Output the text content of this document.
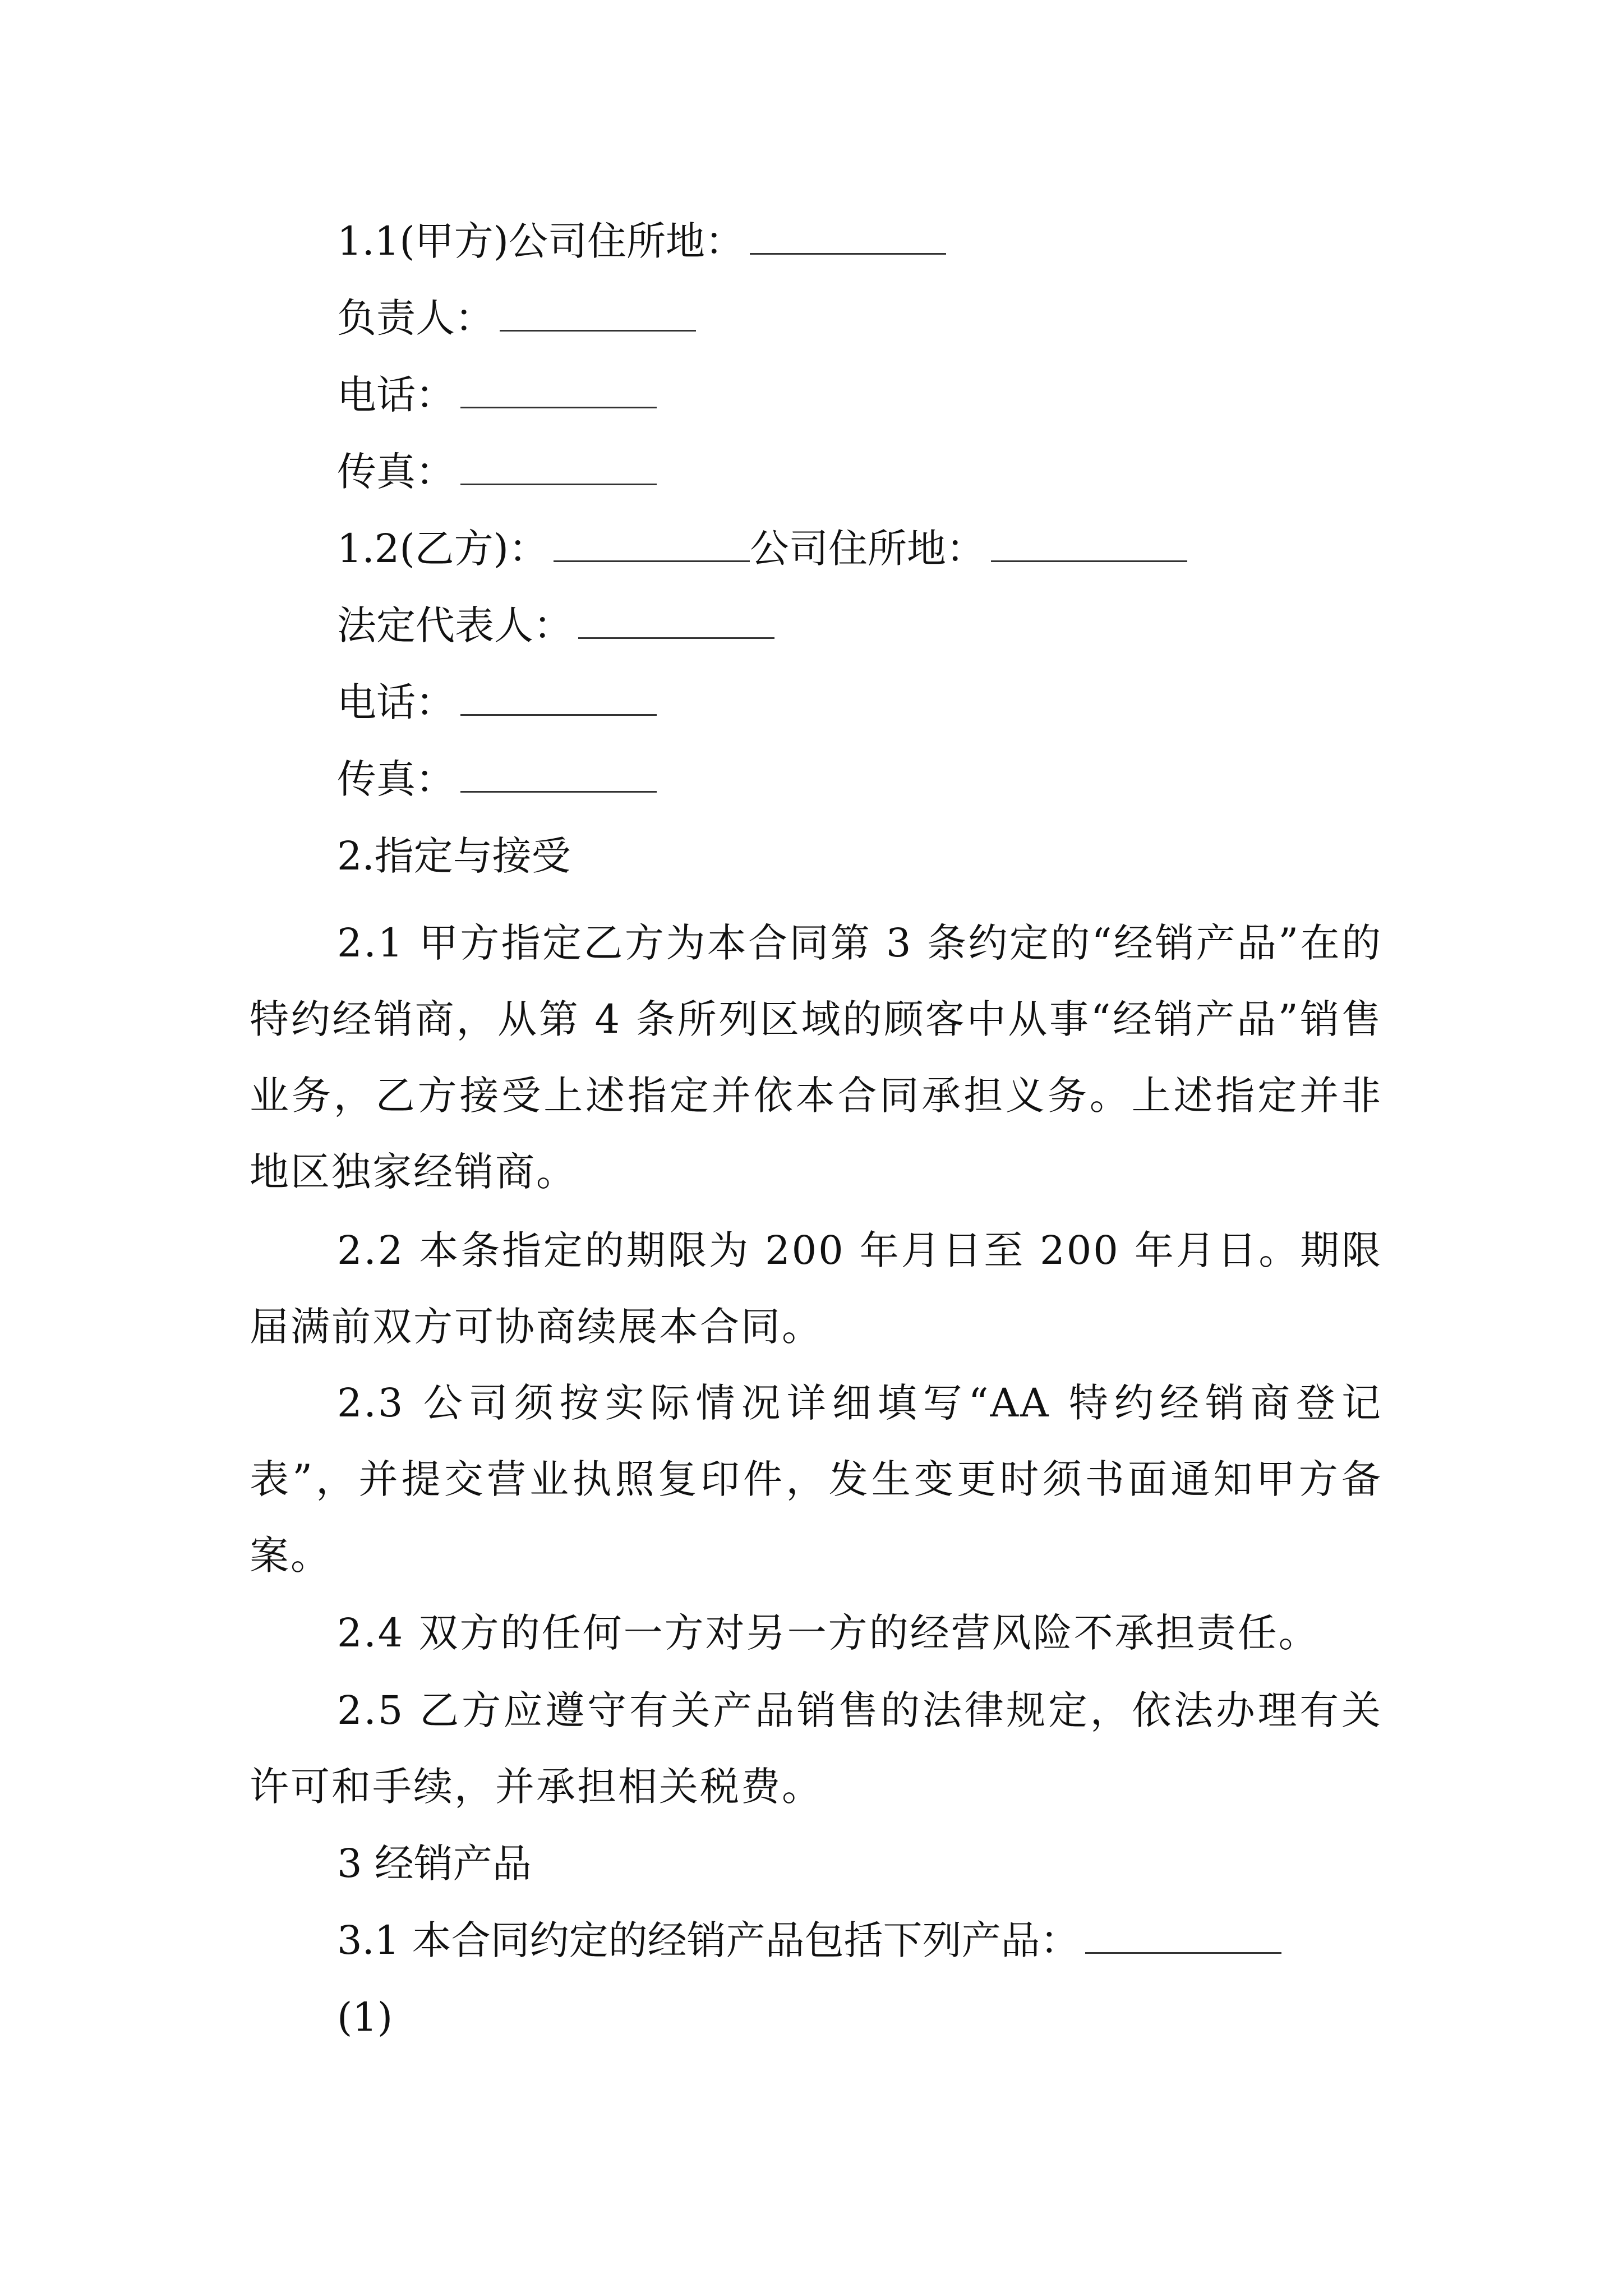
1.1(甲方)公司住所地：
负责人：
电话：
传真：
1.2(乙方)：	公司住所地：
法定代表人：
电话：
传真：
2.指定与接受
2.1 甲方指定乙方为本合同第 3 条约定的“经销产品”在的特约经销商，从第 4 条所列区域的顾客中从事“经销产品”销售业务，乙方接受上述指定并依本合同承担义务。上述指定并非地区独家经销商。
2.2 本条指定的期限为 200 年月日至 200 年月日。期限届满前双方可协商续展本合同。
2.3 公司须按实际情况详细填写“AA 特约经销商登记表”，并提交营业执照复印件，发生变更时须书面通知甲方备案。
2.4 双方的任何一方对另一方的经营风险不承担责任。
2.5 乙方应遵守有关产品销售的法律规定，依法办理有关许可和手续，并承担相关税费。
3 经销产品
3.1 本合同约定的经销产品包括下列产品：
(1)
